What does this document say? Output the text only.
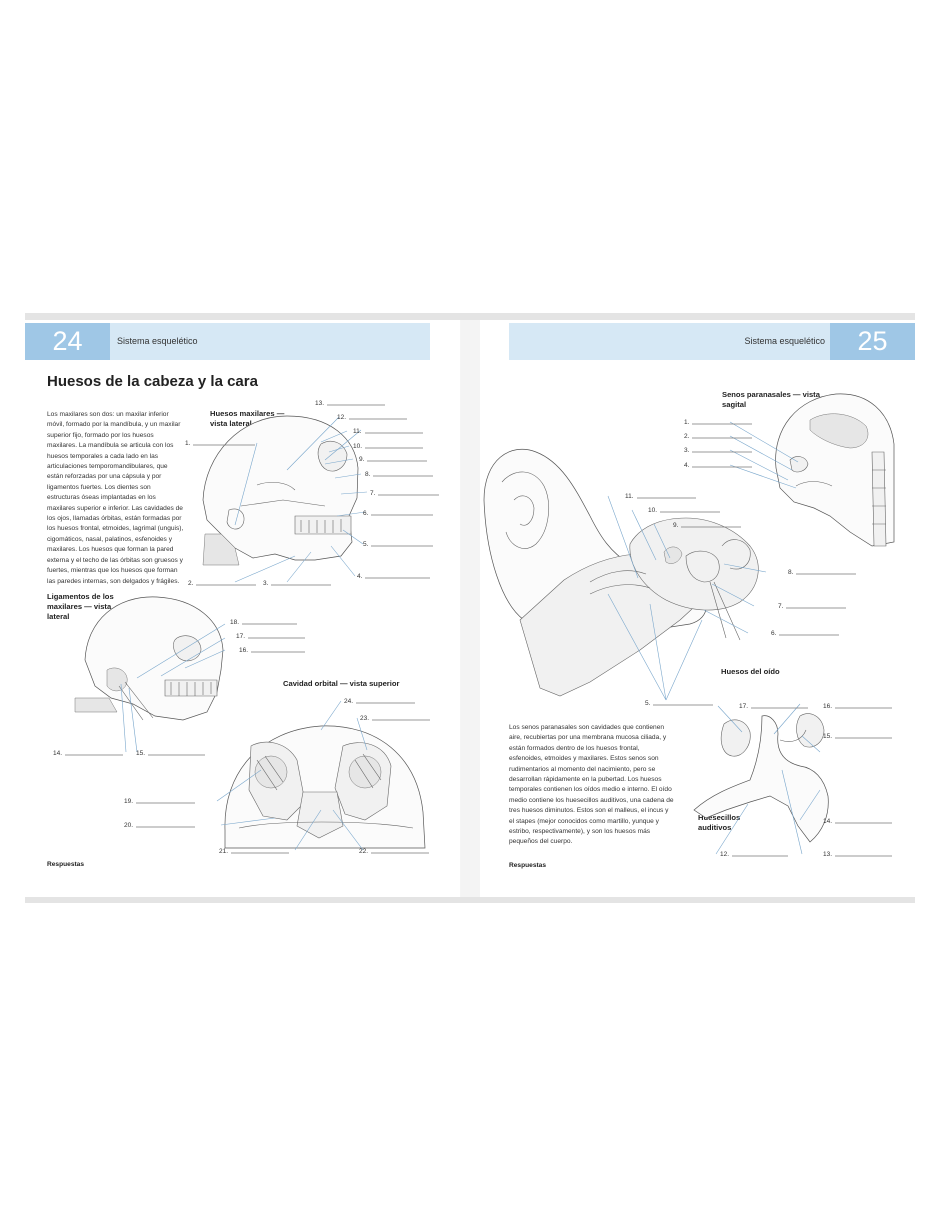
24	Sistema esquelético
Huesos de la cabeza y la cara
Los maxilares son dos: un maxilar inferior móvil, formado por la mandíbula, y un maxilar superior fijo, formado por los huesos maxilares. La mandíbula se articula con los huesos temporales a cada lado en las articulaciones temporomandibulares, que están reforzadas por una cápsula y por ligamentos fuertes. Los dientes son estructuras óseas implantadas en los maxilares superior e inferior. Las cavidades de los ojos, llamadas órbitas, están formadas por los huesos frontal, etmoides, lagrimal (unguis), cigomáticos, nasal, palatinos, esfenoides y maxilares. Los huesos que forman la pared externa y el techo de las órbitas son gruesos y fuertes, mientras que los huesos que forman las paredes internas, son delgados y frágiles.
Huesos maxilares — vista lateral
Ligamentos de los maxilares — vista lateral
Cavidad orbital — vista superior
1.
2.	3.
4.
5.
6.
7.
8.
9.
10.
11.
12.
13.
14.	15.
16.
17.
18.
19.
20.
21.	22.
23.
24.
Respuestas
Sistema esquelético	25
Senos paranasales — vista sagital
Huesos del oído
Huesecillos auditivos
Los senos paranasales son cavidades que contienen aire, recubiertas por una membrana mucosa ciliada, y están formados dentro de los huesos frontal, esfenoides, etmoides y maxilares. Estos senos son rudimentarios al momento del nacimiento, pero se desarrollan rápidamente en la pubertad. Los huesos temporales contienen los oídos medio e interno. El oído medio contiene los huesecillos auditivos, una cadena de tres huesos diminutos. Estos son el malleus, el incus y el stapes (mejor conocidos como martillo, yunque y estribo, respectivamente), y son los huesos más pequeños del cuerpo.
1.
2.
3.
4.
5.
6.
7.
8.
9.
10.
11.
12.	13.
14.
15.
16.
17.
Respuestas
